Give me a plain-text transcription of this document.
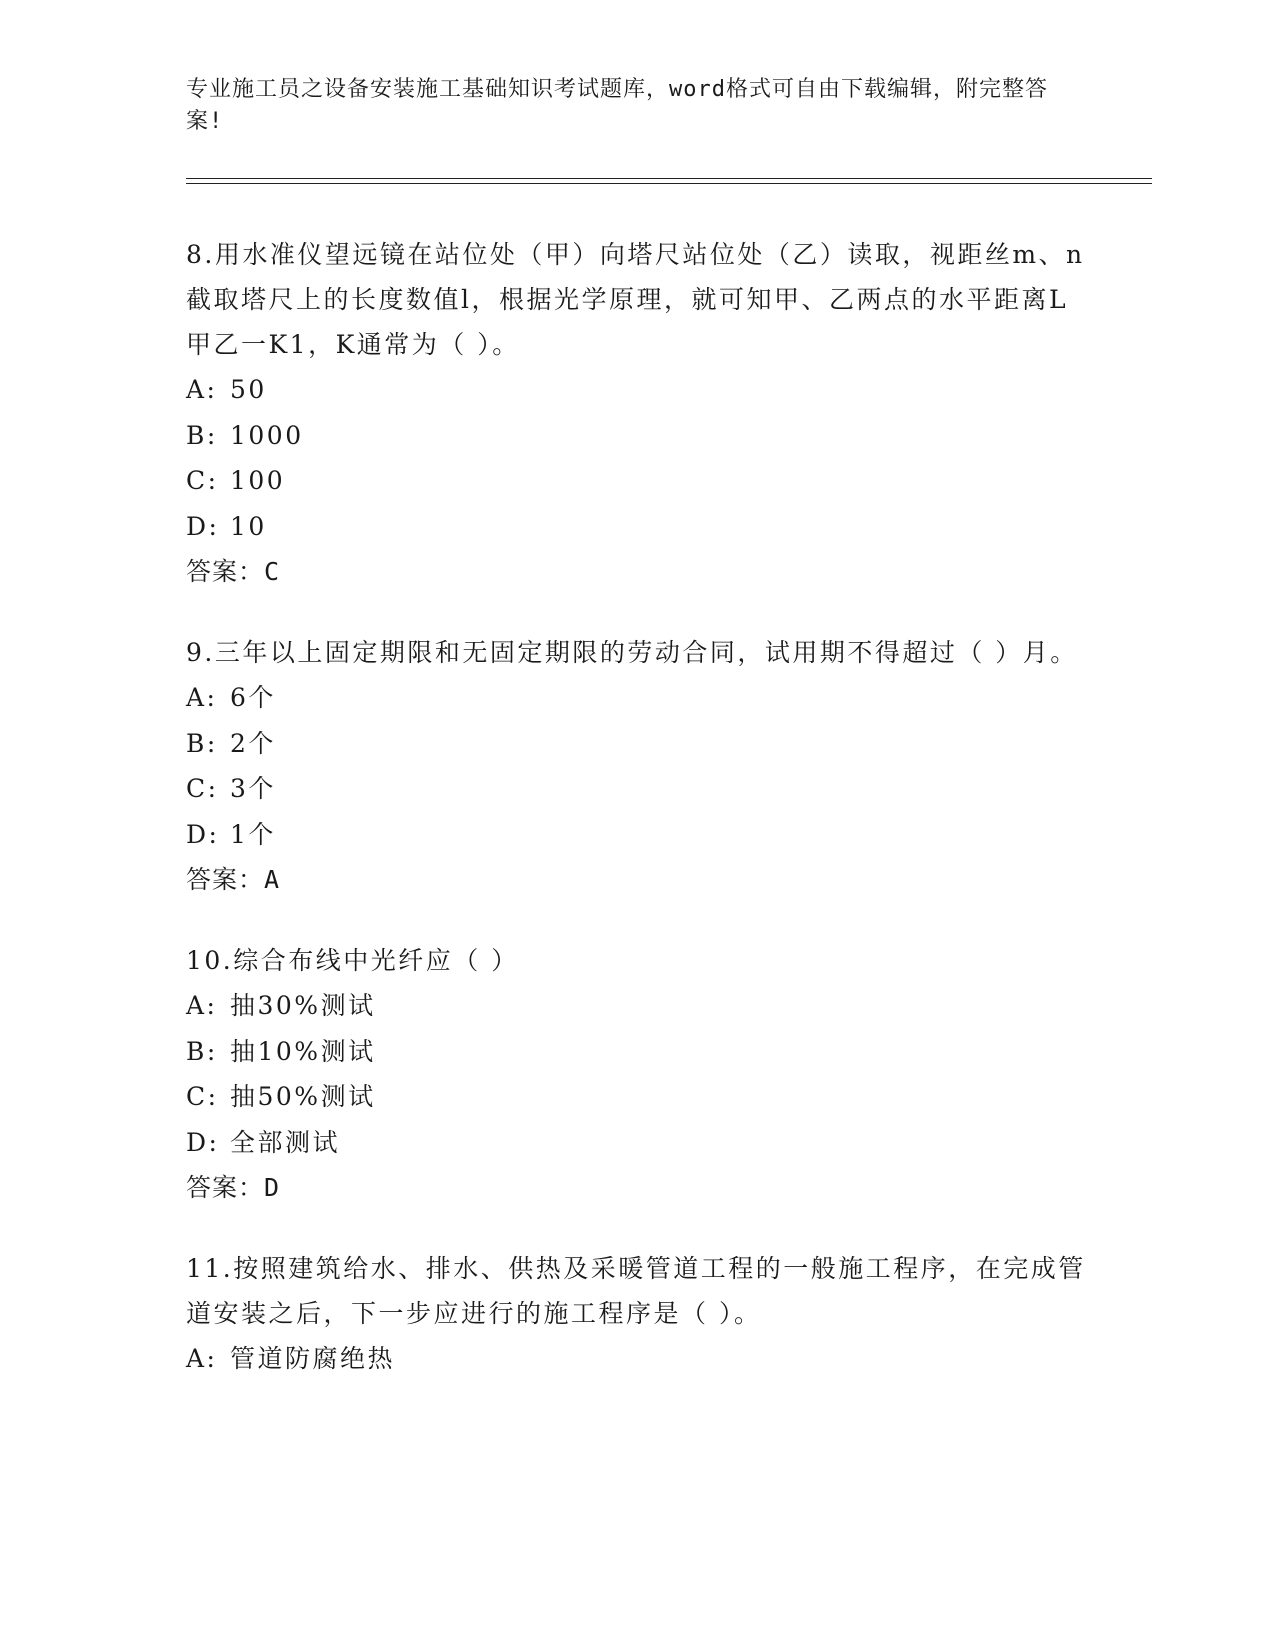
专业施工员之设备安装施工基础知识考试题库，word格式可自由下载编辑，附完整答案!
8.用水准仪望远镜在站位处（甲）向塔尺站位处（乙）读取，视距丝m、n截取塔尺上的长度数值l，根据光学原理，就可知甲、乙两点的水平距离L甲乙一K1，K通常为（ ）。
A: 50
B: 1000
C: 100
D: 10
答案：C
9.三年以上固定期限和无固定期限的劳动合同，试用期不得超过（ ）月。
A: 6个
B: 2个
C: 3个
D: 1个
答案：A
10.综合布线中光纤应（ ）
A: 抽30%测试
B: 抽10%测试
C: 抽50%测试
D: 全部测试
答案：D
11.按照建筑给水、排水、供热及采暖管道工程的一般施工程序，在完成管道安装之后，下一步应进行的施工程序是（ ）。
A: 管道防腐绝热
